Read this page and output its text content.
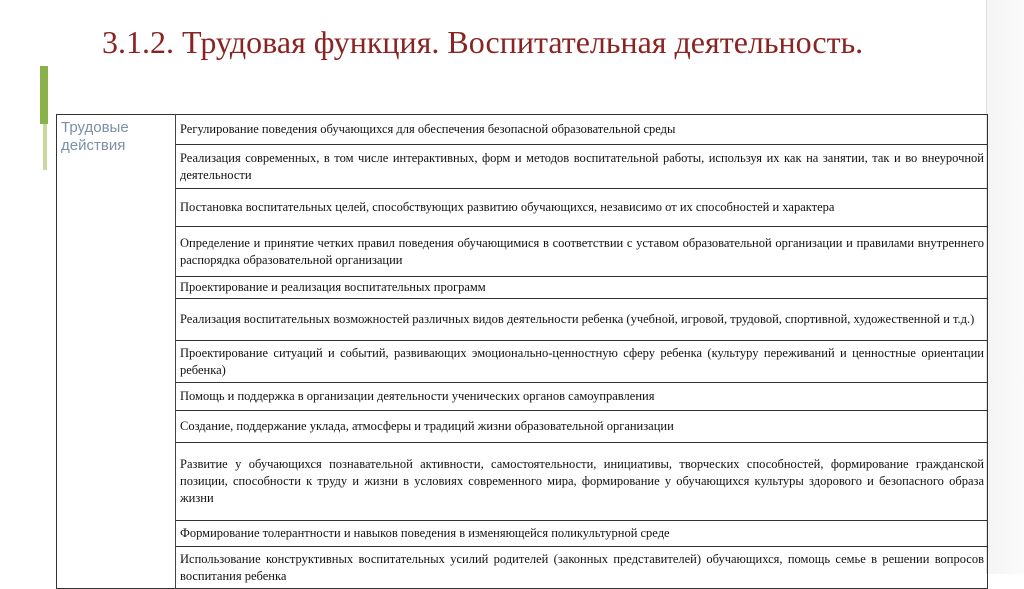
3.1.2. Трудовая функция. Воспитательная деятельность.
Трудовые действия	Регулирование поведения обучающихся для обеспечения безопасной образовательной среды
Реализация современных, в том числе интерактивных, форм и методов воспитательной работы, используя их как на занятии, так и во внеурочной деятельности
Постановка воспитательных целей, способствующих развитию обучающихся, независимо от их способностей и характера
Определение и принятие четких правил поведения обучающимися в соответствии с уставом образовательной организации и правилами внутреннего распорядка образовательной организации
Проектирование и реализация воспитательных программ
Реализация воспитательных возможностей различных видов деятельности ребенка (учебной, игровой, трудовой, спортивной, художественной и т.д.)
Проектирование ситуаций и событий, развивающих эмоционально-ценностную сферу ребенка (культуру переживаний и ценностные ориентации ребенка)
Помощь и поддержка в организации деятельности ученических органов самоуправления
Создание, поддержание уклада, атмосферы и традиций жизни образовательной организации
Развитие у обучающихся познавательной активности, самостоятельности, инициативы, творческих способностей, формирование гражданской позиции, способности к труду и жизни в условиях современного мира, формирование у обучающихся культуры здорового и безопасного образа жизни
Формирование толерантности и навыков поведения в изменяющейся поликультурной среде
Использование конструктивных воспитательных усилий родителей (законных представителей) обучающихся, помощь семье в решении вопросов воспитания ребенка
